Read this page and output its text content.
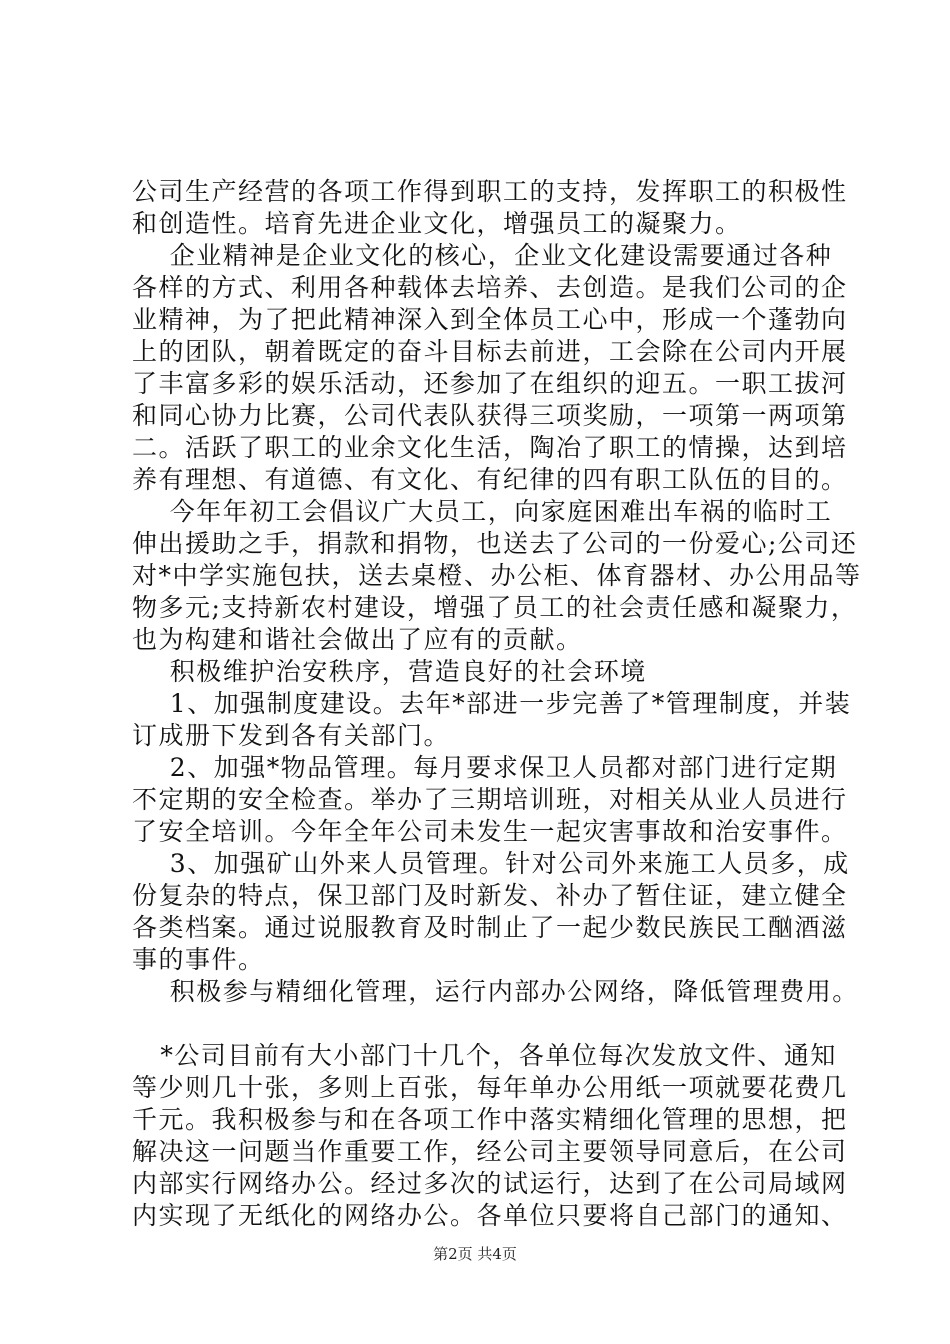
公司生产经营的各项工作得到职工的支持，发挥职工的积极性
和创造性。培育先进企业文化，增强员工的凝聚力。
企业精神是企业文化的核心，企业文化建设需要通过各种
各样的方式、利用各种载体去培养、去创造。是我们公司的企
业精神，为了把此精神深入到全体员工心中，形成一个蓬勃向
上的团队，朝着既定的奋斗目标去前进，工会除在公司内开展
了丰富多彩的娱乐活动，还参加了在组织的迎五。一职工拔河
和同心协力比赛，公司代表队获得三项奖励，一项第一两项第
二。活跃了职工的业余文化生活，陶冶了职工的情操，达到培
养有理想、有道德、有文化、有纪律的四有职工队伍的目的。
今年年初工会倡议广大员工，向家庭困难出车祸的临时工
伸出援助之手，捐款和捐物，也送去了公司的一份爱心;公司还
对*中学实施包扶，送去桌橙、办公柜、体育器材、办公用品等
物多元;支持新农村建设，增强了员工的社会责任感和凝聚力，
也为构建和谐社会做出了应有的贡献。
积极维护治安秩序，营造良好的社会环境
1、加强制度建设。去年*部进一步完善了*管理制度，并装
订成册下发到各有关部门。
2、加强*物品管理。每月要求保卫人员都对部门进行定期
不定期的安全检查。举办了三期培训班，对相关从业人员进行
了安全培训。今年全年公司未发生一起灾害事故和治安事件。
3、加强矿山外来人员管理。针对公司外来施工人员多，成
份复杂的特点，保卫部门及时新发、补办了暂住证，建立健全
各类档案。通过说服教育及时制止了一起少数民族民工酗酒滋
事的事件。
积极参与精细化管理，运行内部办公网络，降低管理费用。
*公司目前有大小部门十几个，各单位每次发放文件、通知
等少则几十张，多则上百张，每年单办公用纸一项就要花费几
千元。我积极参与和在各项工作中落实精细化管理的思想，把
解决这一问题当作重要工作，经公司主要领导同意后，在公司
内部实行网络办公。经过多次的试运行，达到了在公司局域网
内实现了无纸化的网络办公。各单位只要将自己部门的通知、
第2页 共4页
